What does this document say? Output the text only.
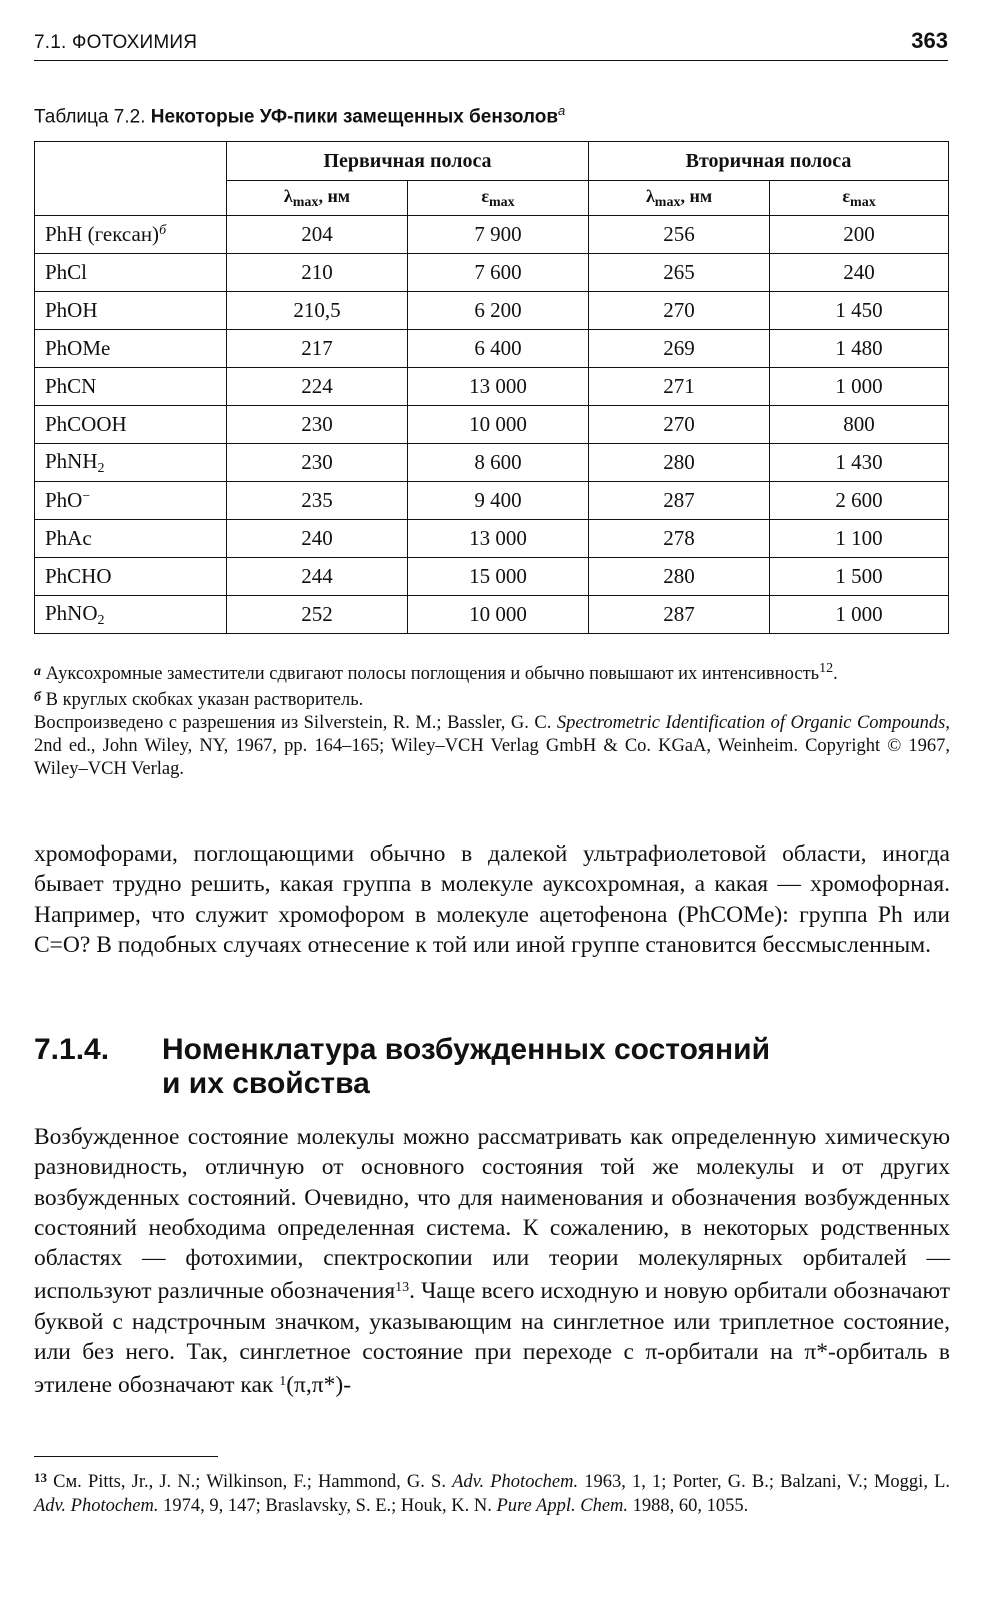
7.1. ФОТОХИМИЯ	363
Таблица 7.2. Некоторые УФ-пики замещенных бензолов$^а$
	Первичная полоса		Вторичная полоса	
	$\lambda_{max}$, нм	$\varepsilon_{max}$	$\lambda_{max}$, нм	$\varepsilon_{max}$
PhH (гексан)$^б$	204	7 900	256	200
PhCl	210	7 600	265	240
PhOH	210,5	6 200	270	1 450
PhOMe	217	6 400	269	1 480
PhCN	224	13 000	271	1 000
PhCOOH	230	10 000	270	800
PhNH$_2$	230	8 600	280	1 430
PhO−	235	9 400	287	2 600
PhAc	240	13 000	278	1 100
PhCHO	244	15 000	280	1 500
PhNO$_2$	252	10 000	287	1 000

$^а$ Ауксохромные заместители сдвигают полосы поглощения и обычно повышают их интенсивность$^{12}$.

$^б$ В круглых скобках указан растворитель.

Воспроизведено с разрешения из Silverstein, R. M.; Bassler, G. C. Spectrometric Identification of Organic Compounds, 2nd ed., John Wiley, NY, 1967, pp. 164–165; Wiley–VCH Verlag GmbH & Co. KGaA, Weinheim. Copyright © 1967, Wiley–VCH Verlag.

хромофорами, поглощающими обычно в далекой ультрафиолетовой области, иногда бывает трудно решить, какая группа в молекуле ауксохромная, а какая — хромофорная. Например, что служит хромофором в молекуле ацетофенона (PhCOMe): группа Ph или C=O? В подобных случаях отнесение к той или иной группе становится бессмысленным.

7.1.4. Номенклатура возбужденных состояний
и их свойства

Возбужденное состояние молекулы можно рассматривать как определенную химическую разновидность, отличную от основного состояния той же молекулы и от других возбужденных состояний. Очевидно, что для наименования и обозначения возбужденных состояний необходима определенная система. К сожалению, в некоторых родственных областях — фотохимии, спектроскопии или теории молекулярных орбиталей — используют различные обозначения$^{13}$. Чаще всего исходную и новую орбитали обозначают буквой с надстрочным значком, указывающим на синглетное или триплетное состояние, или без него. Так, синглетное состояние при переходе с π-орбитали на π*-орбиталь в этилене обозначают как $^1$(π,π*)-

$^{13}$ См. Pitts, Jr., J. N.; Wilkinson, F.; Hammond, G. S. Adv. Photochem. 1963, 1, 1; Porter, G. B.; Balzani, V.; Moggi, L. Adv. Photochem. 1974, 9, 147; Braslavsky, S. E.; Houk, K. N. Pure Appl. Chem. 1988, 60, 1055.
